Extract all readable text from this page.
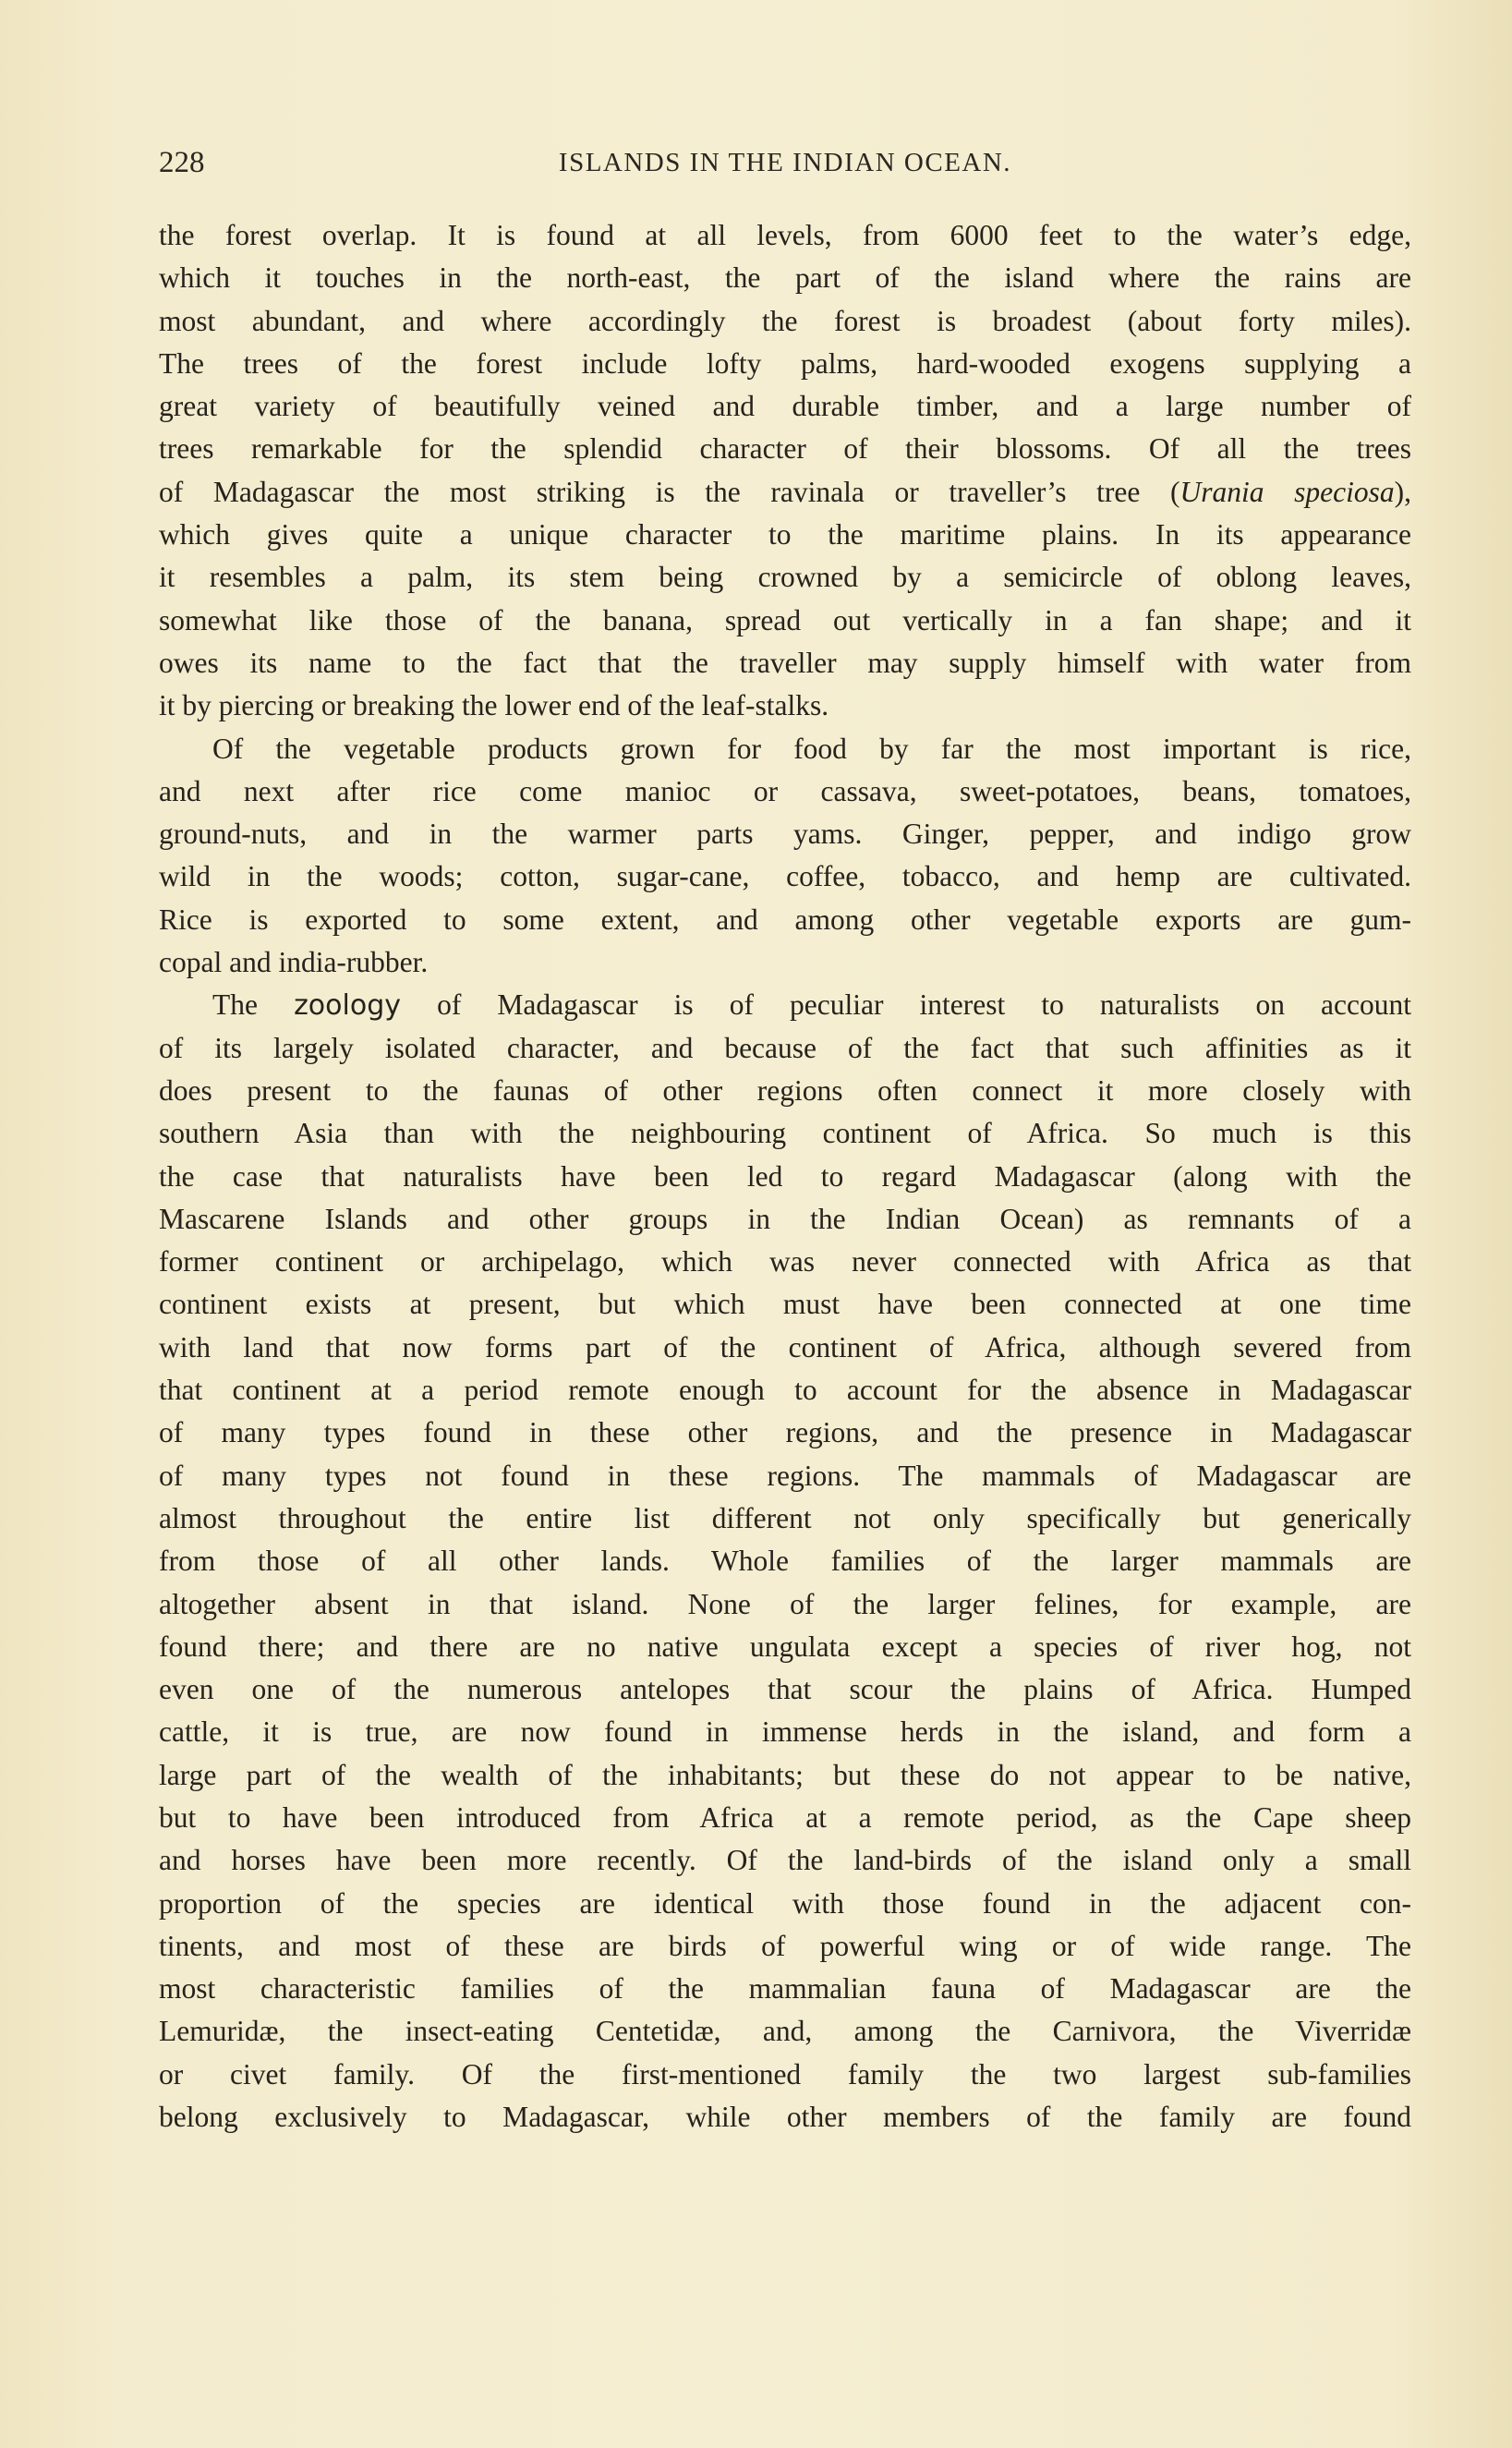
228	ISLANDS IN THE INDIAN OCEAN.
the forest overlap. It is found at all levels, from 6000 feet to the water’s edge,
which it touches in the north-east, the part of the island where the rains are
most abundant, and where accordingly the forest is broadest (about forty miles).
The trees of the forest include lofty palms, hard-wooded exogens supplying a
great variety of beautifully veined and durable timber, and a large number of
trees remarkable for the splendid character of their blossoms. Of all the trees
of Madagascar the most striking is the ravinala or traveller’s tree (Urania speciosa),
which gives quite a unique character to the maritime plains. In its appearance
it resembles a palm, its stem being crowned by a semicircle of oblong leaves,
somewhat like those of the banana, spread out vertically in a fan shape; and it
owes its name to the fact that the traveller may supply himself with water from
it by piercing or breaking the lower end of the leaf-stalks.
Of the vegetable products grown for food by far the most important is rice,
and next after rice come manioc or cassava, sweet-potatoes, beans, tomatoes,
ground-nuts, and in the warmer parts yams. Ginger, pepper, and indigo grow
wild in the woods; cotton, sugar-cane, coffee, tobacco, and hemp are cultivated.
Rice is exported to some extent, and among other vegetable exports are gum-
copal and india-rubber.
The zoology of Madagascar is of peculiar interest to naturalists on account
of its largely isolated character, and because of the fact that such affinities as it
does present to the faunas of other regions often connect it more closely with
southern Asia than with the neighbouring continent of Africa. So much is this
the case that naturalists have been led to regard Madagascar (along with the
Mascarene Islands and other groups in the Indian Ocean) as remnants of a
former continent or archipelago, which was never connected with Africa as that
continent exists at present, but which must have been connected at one time
with land that now forms part of the continent of Africa, although severed from
that continent at a period remote enough to account for the absence in Madagascar
of many types found in these other regions, and the presence in Madagascar
of many types not found in these regions. The mammals of Madagascar are
almost throughout the entire list different not only specifically but generically
from those of all other lands. Whole families of the larger mammals are
altogether absent in that island. None of the larger felines, for example, are
found there; and there are no native ungulata except a species of river hog, not
even one of the numerous antelopes that scour the plains of Africa. Humped
cattle, it is true, are now found in immense herds in the island, and form a
large part of the wealth of the inhabitants; but these do not appear to be native,
but to have been introduced from Africa at a remote period, as the Cape sheep
and horses have been more recently. Of the land-birds of the island only a small
proportion of the species are identical with those found in the adjacent con-
tinents, and most of these are birds of powerful wing or of wide range. The
most characteristic families of the mammalian fauna of Madagascar are the
Lemuridæ, the insect-eating Centetidæ, and, among the Carnivora, the Viverridæ
or civet family. Of the first-mentioned family the two largest sub-families
belong exclusively to Madagascar, while other members of the family are found
